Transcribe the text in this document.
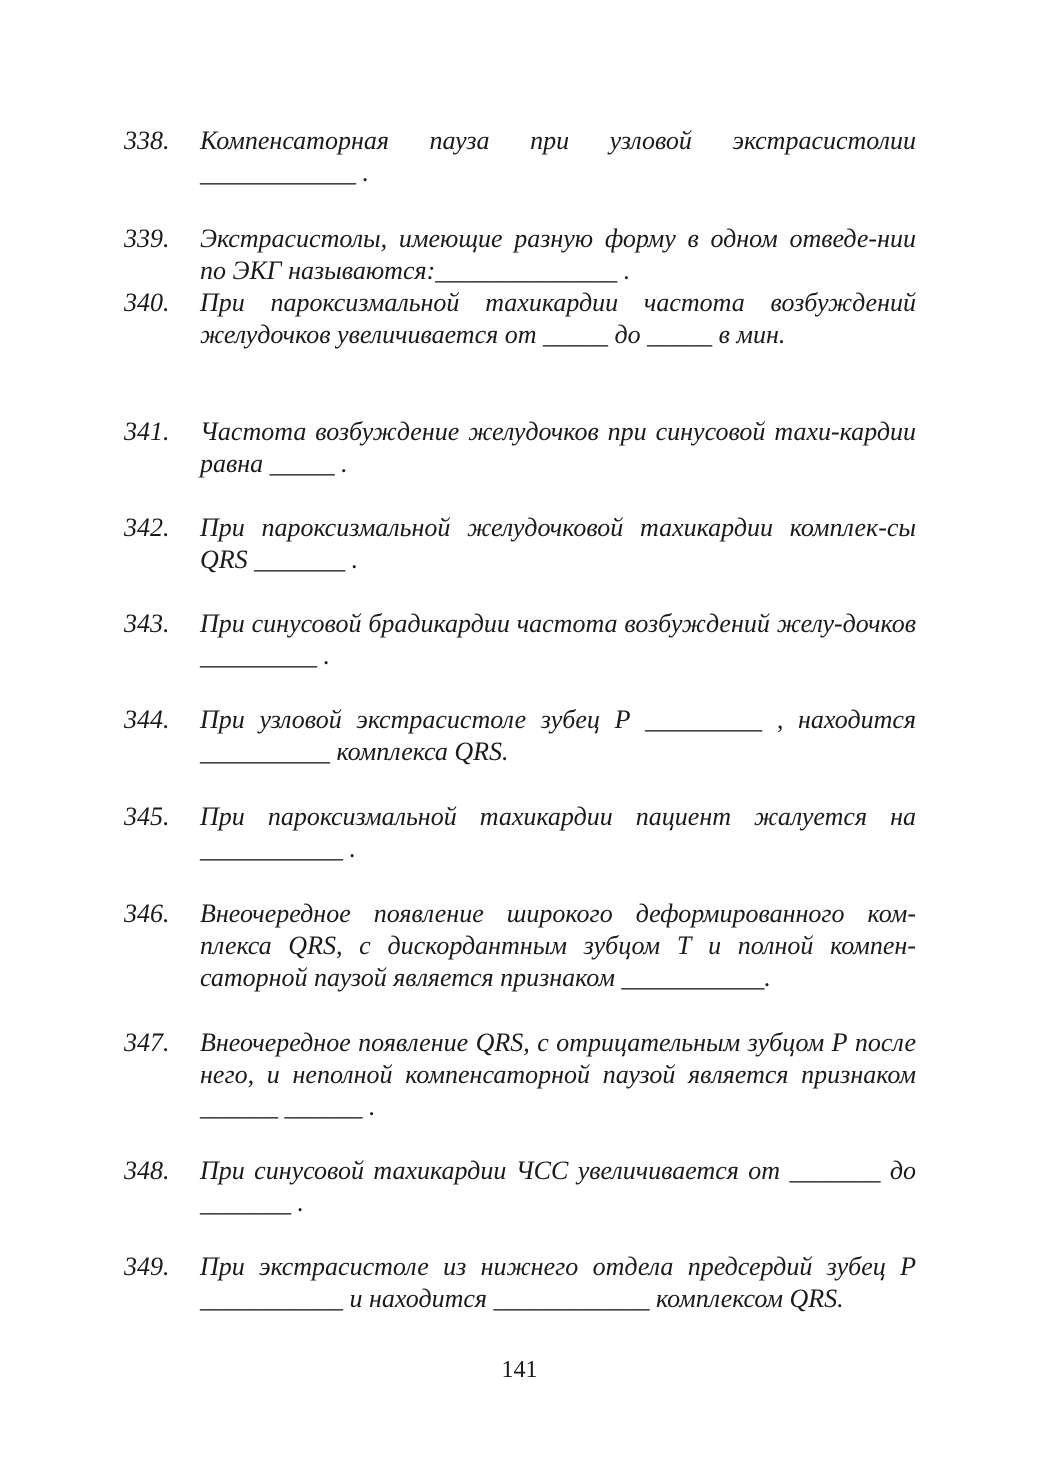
338. Компенсаторная пауза при узловой экстрасистолии ____________ .
339. Экстрасистолы, имеющие разную форму в одном отведе-нии по ЭКГ называются:______________ .
340. При пароксизмальной тахикардии частота возбуждений желудочков увеличивается от _____ до _____ в мин.
341. Частота возбуждение желудочков при синусовой тахи-кардии равна _____ .
342. При пароксизмальной желудочковой тахикардии комплек-сы QRS _______ .
343. При синусовой брадикардии частота возбуждений желу-дочков _________ .
344. При узловой экстрасистоле зубец Р _________ , находится __________ комплекса QRS.
345. При пароксизмальной тахикардии пациент жалуется на ___________ .
346. Внеочередное появление широкого деформированного ком-плекса QRS, с дискордантным зубцом Т и полной компен-саторной паузой является признаком ___________.
347. Внеочередное появление QRS, с отрицательным зубцом Р после него, и неполной компенсаторной паузой является признаком ______ ______ .
348. При синусовой тахикардии ЧСС увеличивается от _______ до _______ .
349. При экстрасистоле из нижнего отдела предсердий зубец Р ___________ и находится ____________ комплексом QRS.
141
